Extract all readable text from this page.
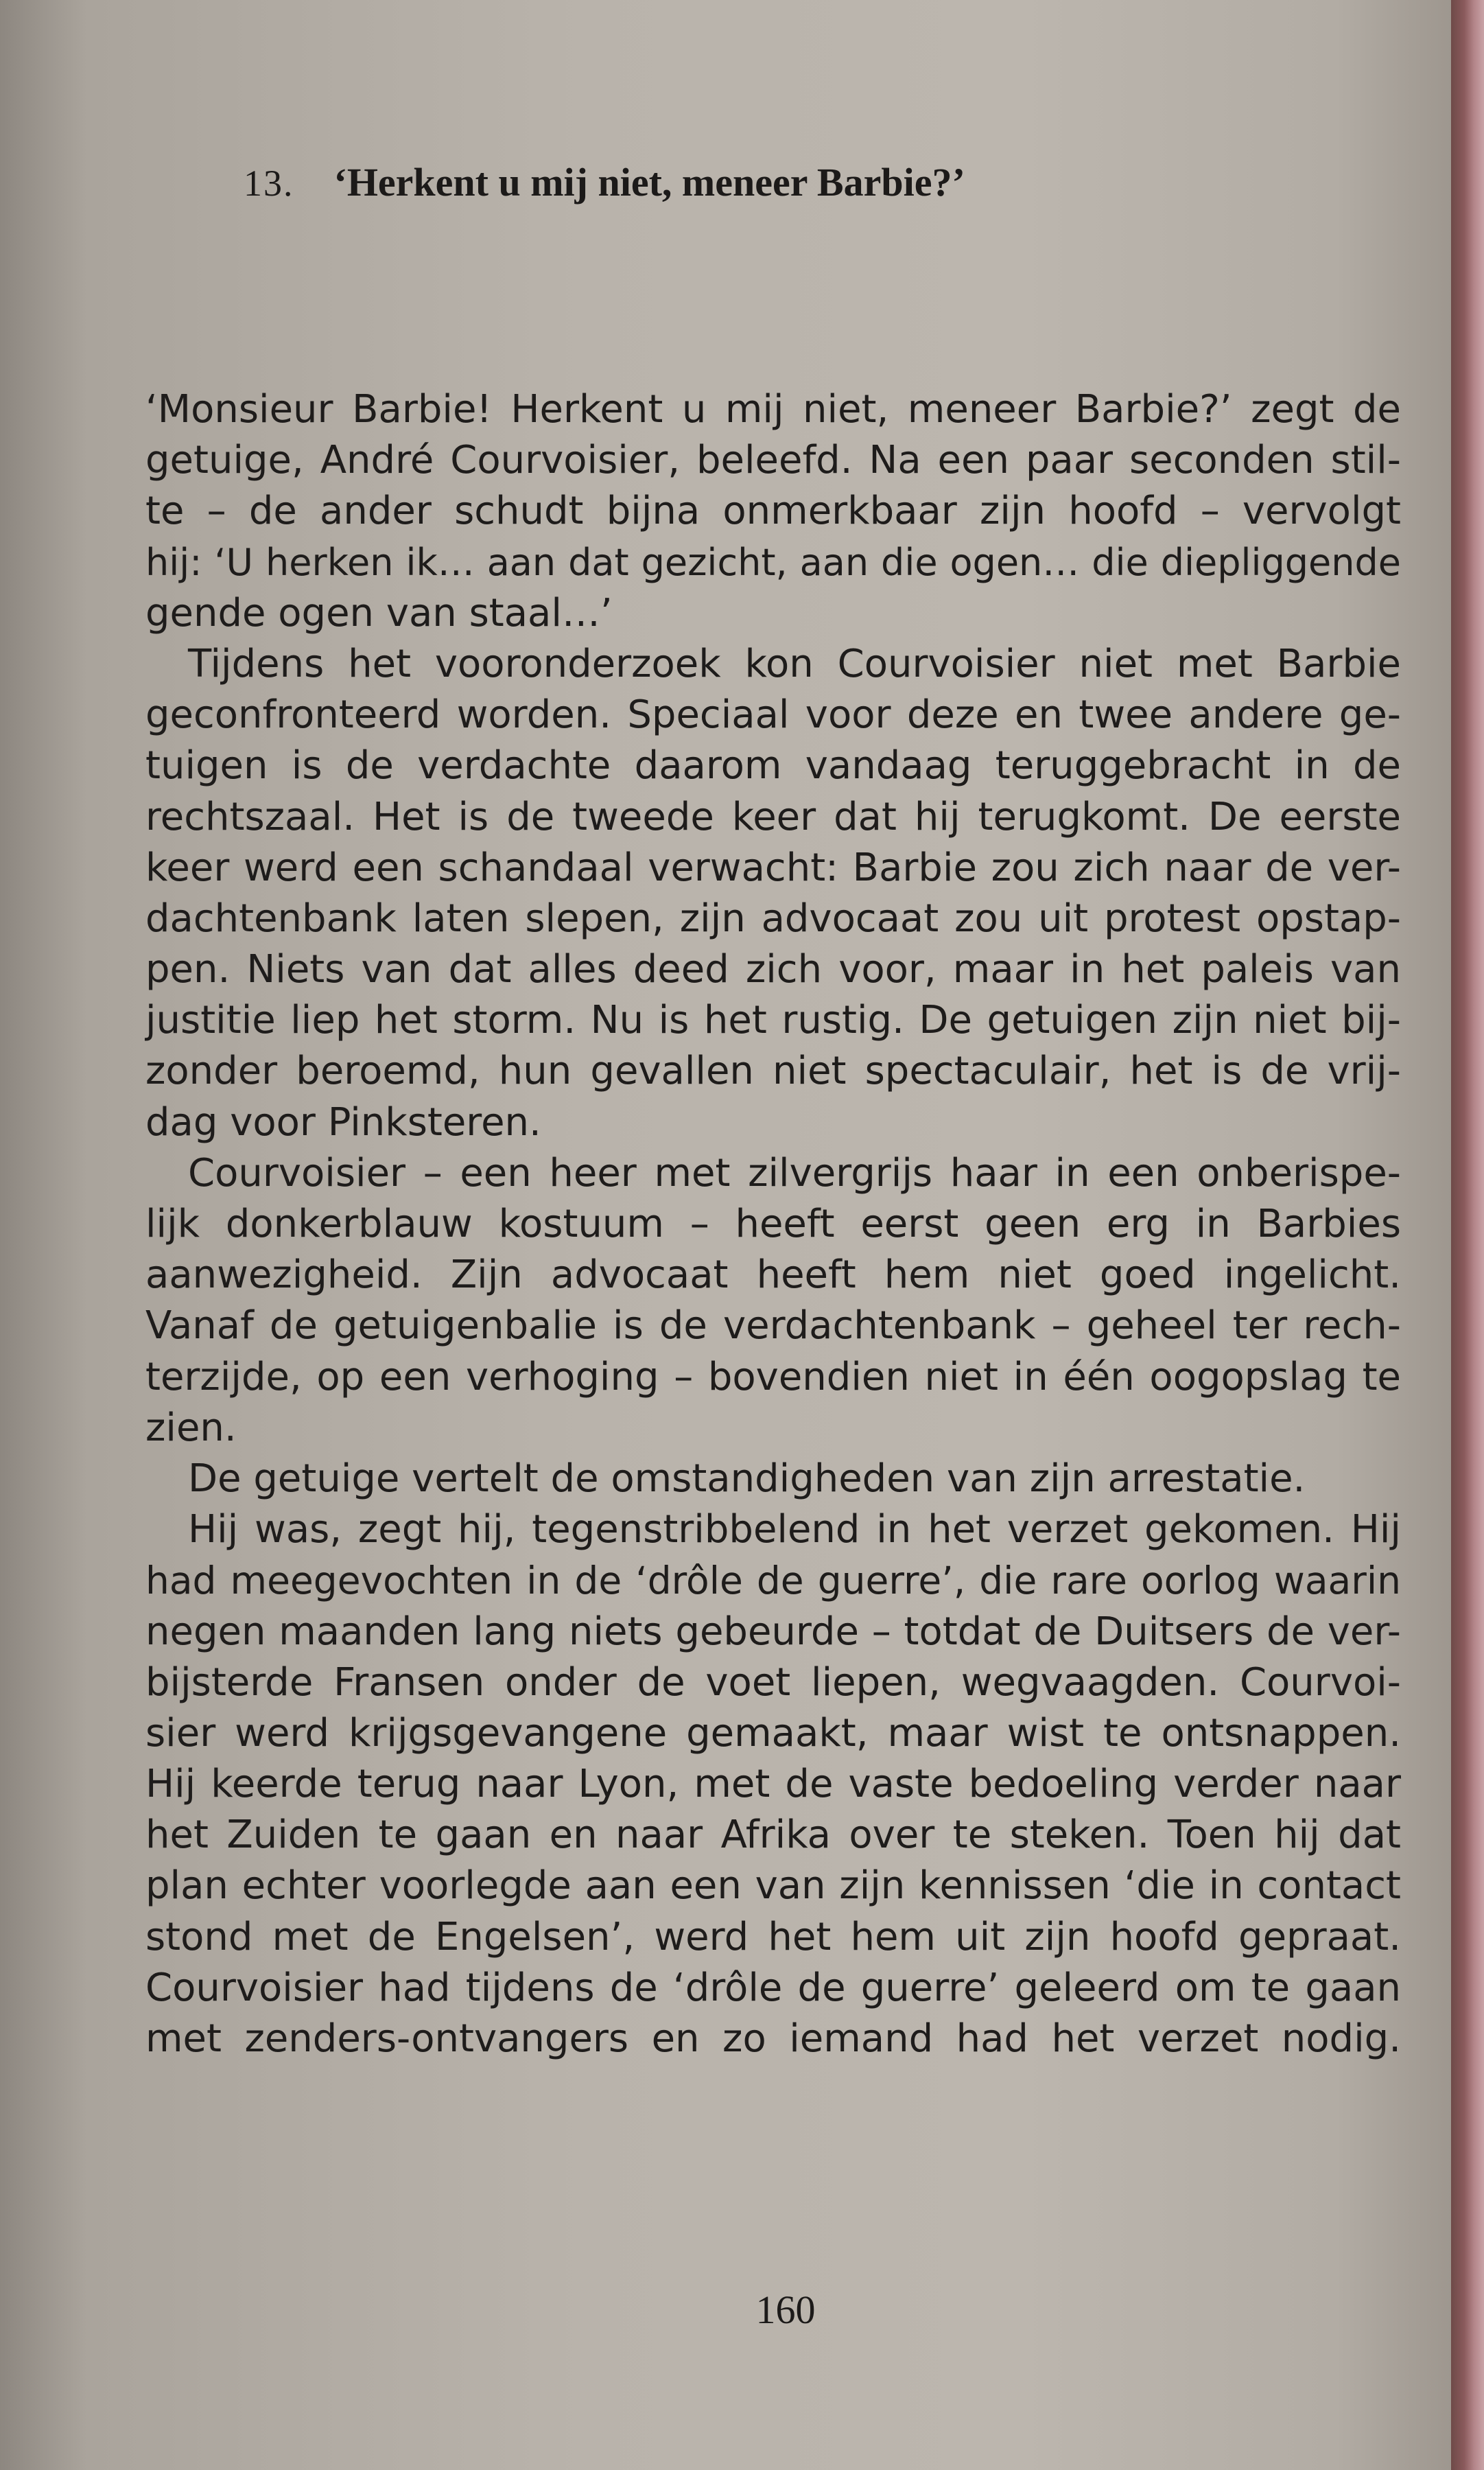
13. ‘Herkent u mij niet, meneer Barbie?’
‘Monsieur Barbie! Herkent u mij niet, meneer Barbie?’ zegt de
getuige, André Courvoisier, beleefd. Na een paar seconden stil-
te – de ander schudt bijna onmerkbaar zijn hoofd – vervolgt
hij: ‘U herken ik… aan dat gezicht, aan die ogen… die diepliggende
gende ogen van staal…’
Tijdens het vooronderzoek kon Courvoisier niet met Barbie
geconfronteerd worden. Speciaal voor deze en twee andere ge-
tuigen is de verdachte daarom vandaag teruggebracht in de
rechtszaal. Het is de tweede keer dat hij terugkomt. De eerste
keer werd een schandaal verwacht: Barbie zou zich naar de ver-
dachtenbank laten slepen, zijn advocaat zou uit protest opstap-
pen. Niets van dat alles deed zich voor, maar in het paleis van
justitie liep het storm. Nu is het rustig. De getuigen zijn niet bij-
zonder beroemd, hun gevallen niet spectaculair, het is de vrij-
dag voor Pinksteren.
Courvoisier – een heer met zilvergrijs haar in een onberispe-
lijk donkerblauw kostuum – heeft eerst geen erg in Barbies
aanwezigheid. Zijn advocaat heeft hem niet goed ingelicht.
Vanaf de getuigenbalie is de verdachtenbank – geheel ter rech-
terzijde, op een verhoging – bovendien niet in één oogopslag te
zien.
De getuige vertelt de omstandigheden van zijn arrestatie.
Hij was, zegt hij, tegenstribbelend in het verzet gekomen. Hij
had meegevochten in de ‘drôle de guerre’, die rare oorlog waarin
negen maanden lang niets gebeurde – totdat de Duitsers de ver-
bijsterde Fransen onder de voet liepen, wegvaagden. Courvoi-
sier werd krijgsgevangene gemaakt, maar wist te ontsnappen.
Hij keerde terug naar Lyon, met de vaste bedoeling verder naar
het Zuiden te gaan en naar Afrika over te steken. Toen hij dat
plan echter voorlegde aan een van zijn kennissen ‘die in contact
stond met de Engelsen’, werd het hem uit zijn hoofd gepraat.
Courvoisier had tijdens de ‘drôle de guerre’ geleerd om te gaan
met zenders-ontvangers en zo iemand had het verzet nodig.
160
